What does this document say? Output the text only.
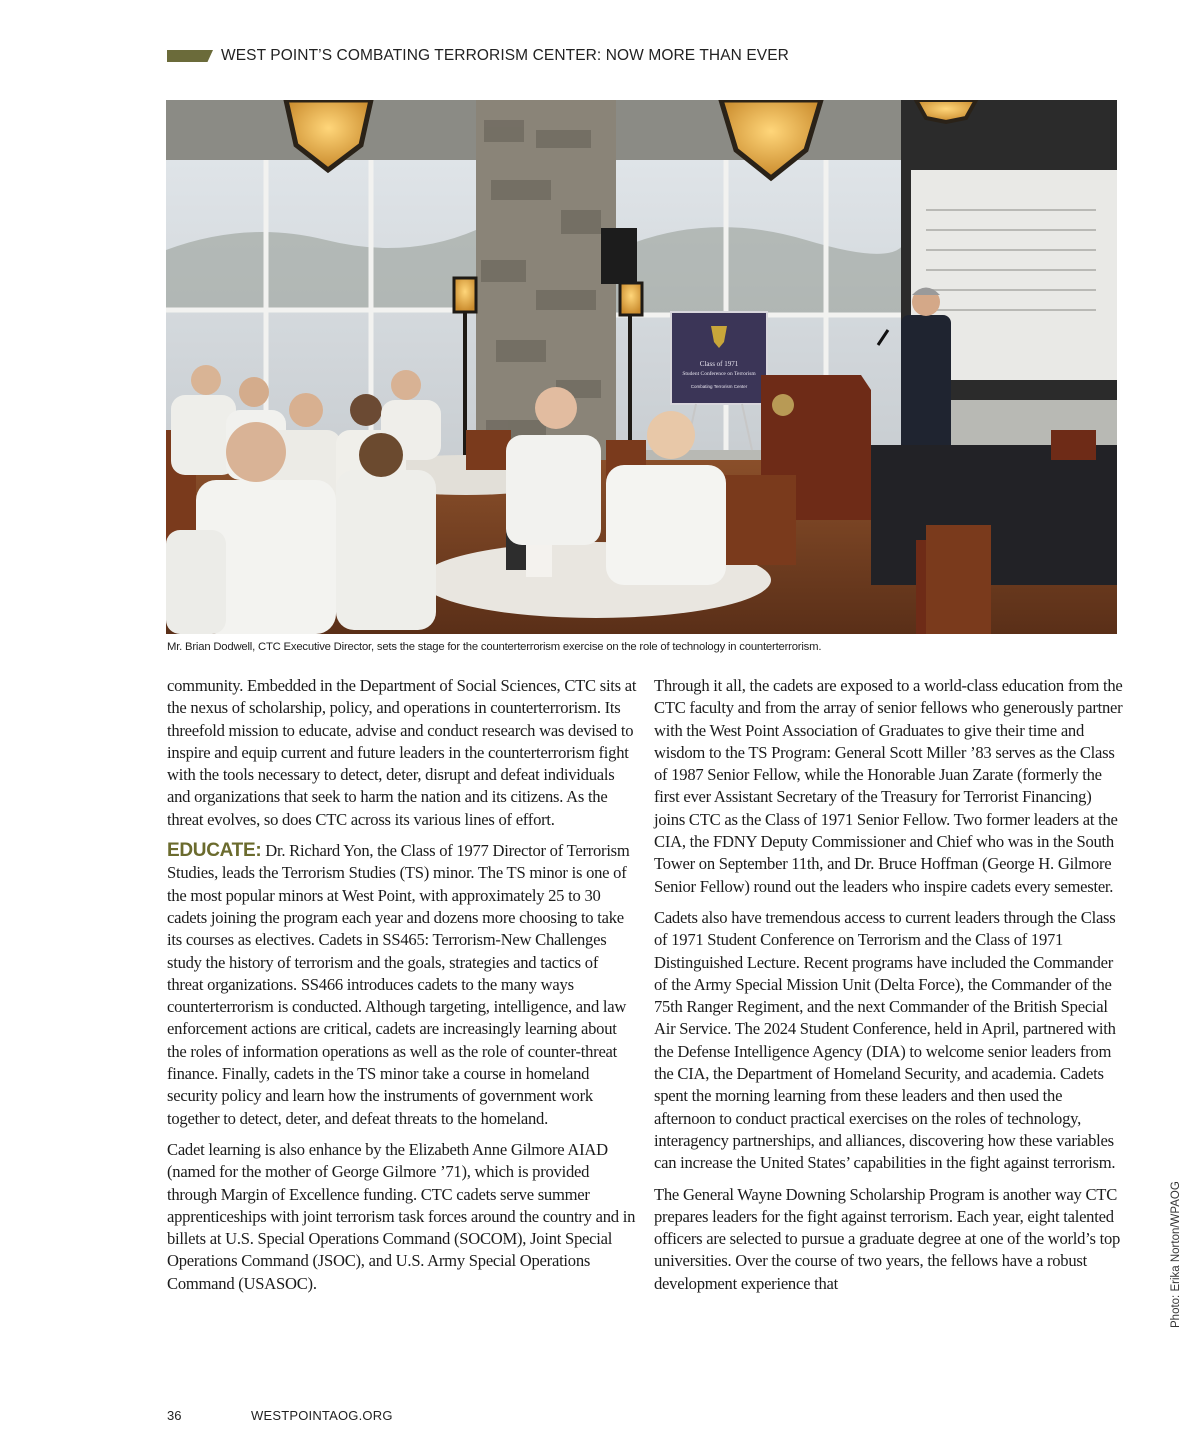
WEST POINT’S COMBATING TERRORISM CENTER: NOW MORE THAN EVER
Class of 1971
Student Conference on Terrorism
Combating Terrorism Center
Mr. Brian Dodwell, CTC Executive Director, sets the stage for the counterterrorism exercise on the role of technology in counterterrorism.

community. Embedded in the Department of Social Sciences, CTC sits at the nexus of scholarship, policy, and operations in counterterrorism. Its threefold mission to educate, advise and conduct research was devised to inspire and equip current and future leaders in the counterterrorism fight with the tools necessary to detect, deter, disrupt and defeat individuals and organizations that seek to harm the nation and its citizens. As the threat evolves, so does CTC across its various lines of effort.

EDUCATE: Dr. Richard Yon, the Class of 1977 Director of Terrorism Studies, leads the Terrorism Studies (TS) minor. The TS minor is one of the most popular minors at West Point, with approximately 25 to 30 cadets joining the program each year and dozens more choosing to take its courses as electives. Cadets in SS465: Terrorism-New Challenges study the history of terrorism and the goals, strategies and tactics of threat organizations. SS466 introduces cadets to the many ways counterterrorism is conducted. Although targeting, intelligence, and law enforcement actions are critical, cadets are increasingly learning about the roles of information operations as well as the role of counter-threat finance. Finally, cadets in the TS minor take a course in homeland security policy and learn how the instruments of government work together to detect, deter, and defeat threats to the homeland.

Cadet learning is also enhance by the Elizabeth Anne Gilmore AIAD (named for the mother of George Gilmore ’71), which is provided through Margin of Excellence funding. CTC cadets serve summer apprenticeships with joint terrorism task forces around the country and in billets at U.S. Special Operations Command (SOCOM), Joint Special Operations Command (JSOC), and U.S. Army Special Operations Command (USASOC).

Through it all, the cadets are exposed to a world-class education from the CTC faculty and from the array of senior fellows who generously partner with the West Point Association of Graduates to give their time and wisdom to the TS Program: General Scott Miller ’83 serves as the Class of 1987 Senior Fellow, while the Honorable Juan Zarate (formerly the first ever Assistant Secretary of the Treasury for Terrorist Financing) joins CTC as the Class of 1971 Senior Fellow. Two former leaders at the CIA, the FDNY Deputy Commissioner and Chief who was in the South Tower on September 11th, and Dr. Bruce Hoffman (George H. Gilmore Senior Fellow) round out the leaders who inspire cadets every semester.

Cadets also have tremendous access to current leaders through the Class of 1971 Student Conference on Terrorism and the Class of 1971 Distinguished Lecture. Recent programs have included the Commander of the Army Special Mission Unit (Delta Force), the Commander of the 75th Ranger Regiment, and the next Commander of the British Special Air Service. The 2024 Student Conference, held in April, partnered with the Defense Intelligence Agency (DIA) to welcome senior leaders from the CIA, the Department of Homeland Security, and academia. Cadets spent the morning learning from these leaders and then used the afternoon to conduct practical exercises on the roles of technology, interagency partnerships, and alliances, discovering how these variables can increase the United States’ capabilities in the fight against terrorism.

The General Wayne Downing Scholarship Program is another way CTC prepares leaders for the fight against terrorism. Each year, eight talented officers are selected to pursue a graduate degree at one of the world’s top universities. Over the course of two years, the fellows have a robust development experience that	Photo: Erika Norton/WPAOG
36	WESTPOINTAOG.ORG
